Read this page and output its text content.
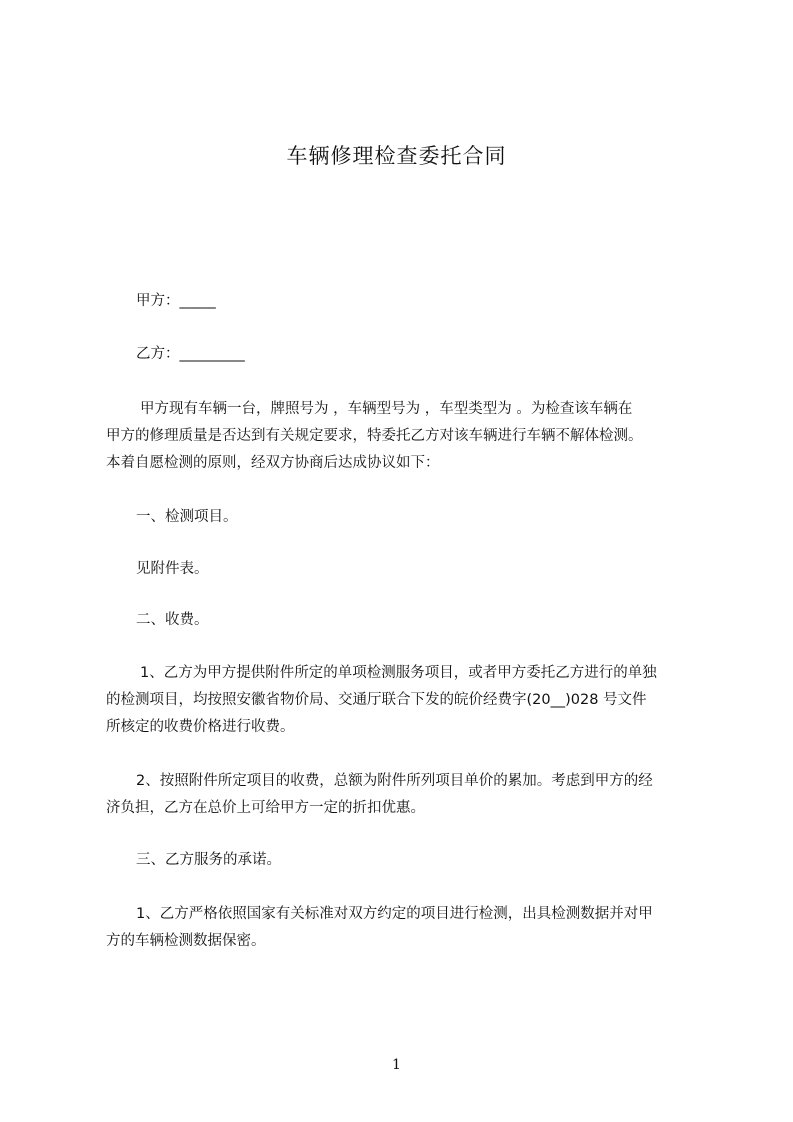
车辆修理检查委托合同
甲方：_____
乙方：_________
甲方现有车辆一台，牌照号为 ，车辆型号为 ，车型类型为 。为检查该车辆在
甲方的修理质量是否达到有关规定要求，特委托乙方对该车辆进行车辆不解体检测。
本着自愿检测的原则，经双方协商后达成协议如下：
一、检测项目。
见附件表。
二、收费。
1、乙方为甲方提供附件所定的单项检测服务项目，或者甲方委托乙方进行的单独
的检测项目，均按照安徽省物价局、交通厅联合下发的皖价经费字(20__)028 号文件
所核定的收费价格进行收费。
2、按照附件所定项目的收费，总额为附件所列项目单价的累加。考虑到甲方的经
济负担，乙方在总价上可给甲方一定的折扣优惠。
三、乙方服务的承诺。
1、乙方严格依照国家有关标准对双方约定的项目进行检测，出具检测数据并对甲
方的车辆检测数据保密。
1
